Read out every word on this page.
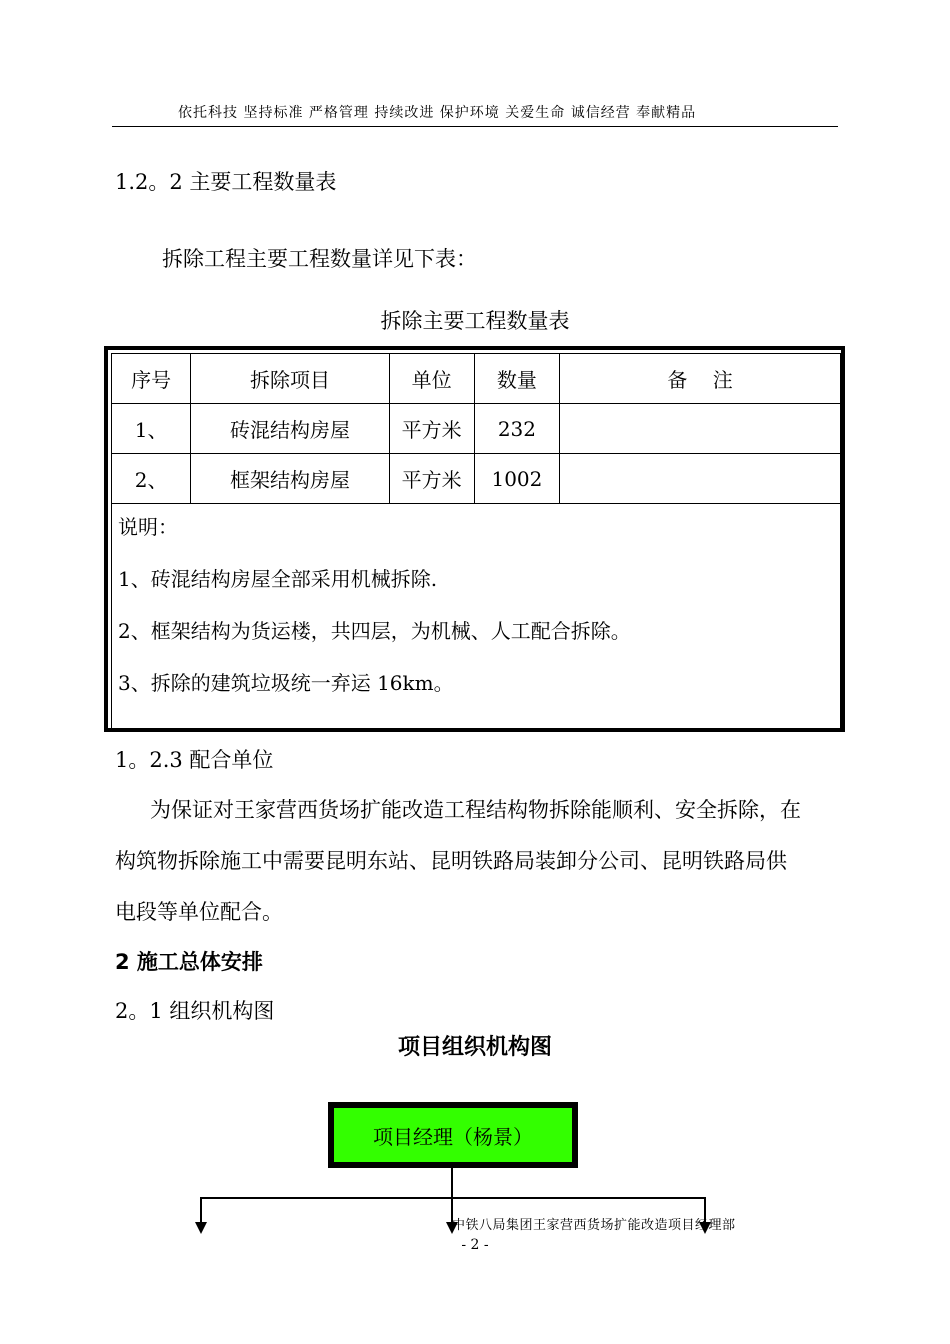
依托科技 坚持标准 严格管理 持续改进 保护环境 关爱生命 诚信经营 奉献精品
1.2。2 主要工程数量表
拆除工程主要工程数量详见下表：
拆除主要工程数量表
序号	拆除项目	单位	数量	备    注
1、	砖混结构房屋	平方米	232	
2、	框架结构房屋	平方米	1002	

说明：
1、砖混结构房屋全部采用机械拆除.
2、框架结构为货运楼，共四层，为机械、人工配合拆除。
3、拆除的建筑垃圾统一弃运 16km。				
1。2.3 配合单位
为保证对王家营西货场扩能改造工程结构物拆除能顺利、安全拆除，在
构筑物拆除施工中需要昆明东站、昆明铁路局装卸分公司、昆明铁路局供
电段等单位配合。
2 施工总体安排
2。1 组织机构图
项目组织机构图
项目经理（杨景）
中铁八局集团王家营西货场扩能改造项目经理部
- 2 -
